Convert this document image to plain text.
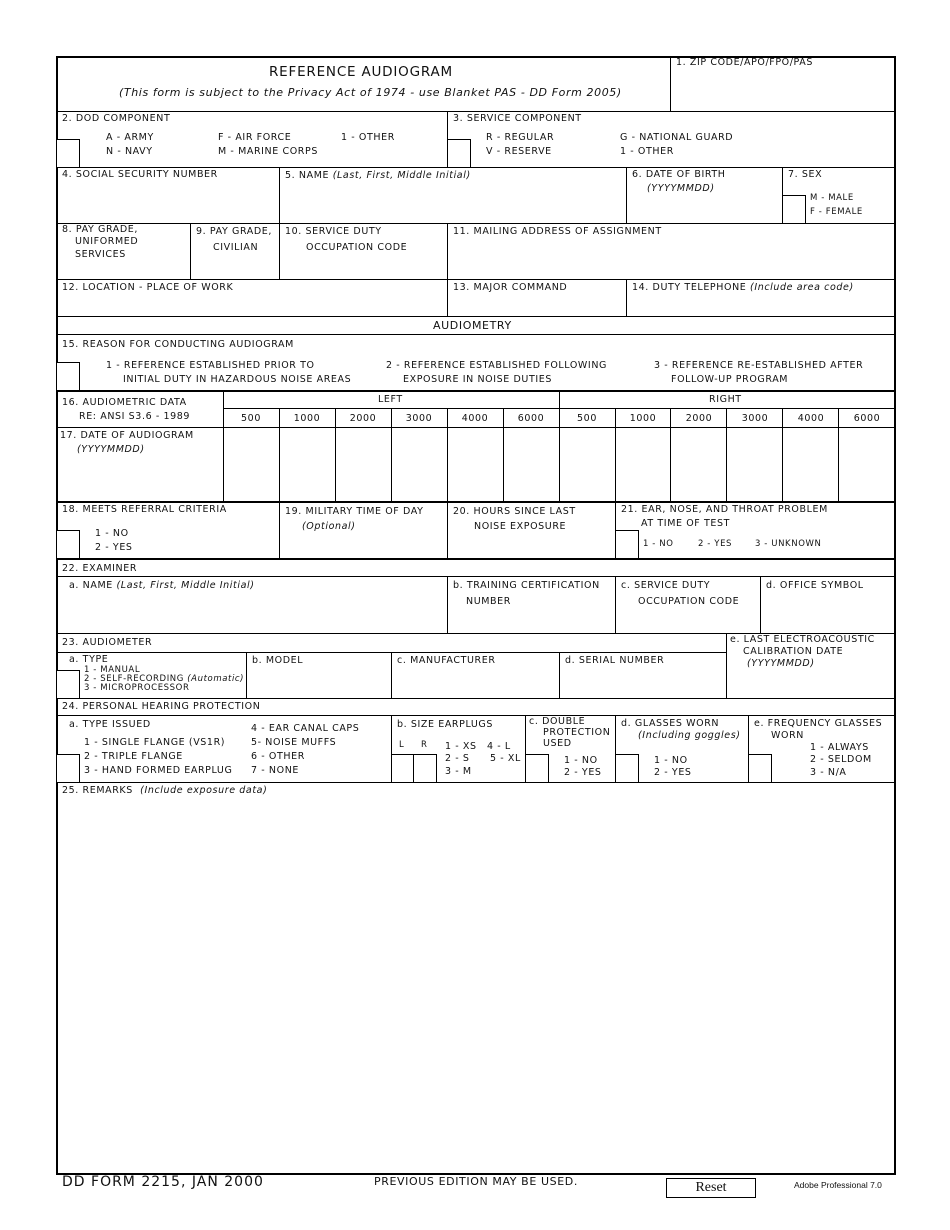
REFERENCE AUDIOGRAM
(This form is subject to the Privacy Act of 1974 - use Blanket PAS - DD Form 2005)
1. ZIP CODE/APO/FPO/PAS
2. DOD COMPONENT
A - ARMY
N - NAVY
F - AIR FORCE
M - MARINE CORPS
1 - OTHER
3. SERVICE COMPONENT
R - REGULAR
V - RESERVE
G - NATIONAL GUARD
1 - OTHER
4. SOCIAL SECURITY NUMBER	5. NAME (Last, First, Middle Initial)	6. DATE OF BIRTH
(YYYYMMDD)
7. SEX
M - MALE
F - FEMALE
8. PAY GRADE,
UNIFORMED
SERVICES
9. PAY GRADE,
CIVILIAN
10. SERVICE DUTY
OCCUPATION CODE
11. MAILING ADDRESS OF ASSIGNMENT
12. LOCATION - PLACE OF WORK	13. MAJOR COMMAND	14. DUTY TELEPHONE (Include area code)
AUDIOMETRY
15. REASON FOR CONDUCTING AUDIOGRAM
1 - REFERENCE ESTABLISHED PRIOR TO
INITIAL DUTY IN HAZARDOUS NOISE AREAS
2 - REFERENCE ESTABLISHED FOLLOWING
EXPOSURE IN NOISE DUTIES
3 - REFERENCE RE-ESTABLISHED AFTER
FOLLOW-UP PROGRAM
16. AUDIOMETRIC DATA
RE: ANSI S3.6 - 1989
LEFT	RIGHT
500	1000	2000	3000	4000	6000	500	1000	2000	3000	4000	6000
17. DATE OF AUDIOGRAM
(YYYYMMDD)
18. MEETS REFERRAL CRITERIA
1 - NO
2 - YES
19. MILITARY TIME OF DAY
(Optional)
20. HOURS SINCE LAST
NOISE EXPOSURE
21. EAR, NOSE, AND THROAT PROBLEM
AT TIME OF TEST
1 - NO	2 - YES	3 - UNKNOWN
22. EXAMINER
a. NAME (Last, First, Middle Initial)	b. TRAINING CERTIFICATION
NUMBER
c. SERVICE DUTY
OCCUPATION CODE
d. OFFICE SYMBOL
23. AUDIOMETER
a. TYPE
1 - MANUAL
2 - SELF-RECORDING (Automatic)
3 - MICROPROCESSOR
b. MODEL	c. MANUFACTURER	d. SERIAL NUMBER
e. LAST ELECTROACOUSTIC
CALIBRATION DATE
(YYYYMMDD)
24. PERSONAL HEARING PROTECTION
a. TYPE ISSUED
1 - SINGLE FLANGE (VS1R)
2 - TRIPLE FLANGE
3 - HAND FORMED EARPLUG
4 - EAR CANAL CAPS
5- NOISE MUFFS
6 - OTHER
7 - NONE
b. SIZE EARPLUGS
L R 1 - XS
2 - S
3 - M
4 - L
5 - XL
c. DOUBLE
PROTECTION
USED
1 - NO
2 - YES
d. GLASSES WORN
(Including goggles)
1 - NO
2 - YES
e. FREQUENCY GLASSES
WORN
1 - ALWAYS
2 - SELDOM
3 - N/A
25. REMARKS (Include exposure data)
DD FORM 2215, JAN 2000	PREVIOUS EDITION MAY BE USED.	Reset	Adobe Professional 7.0
